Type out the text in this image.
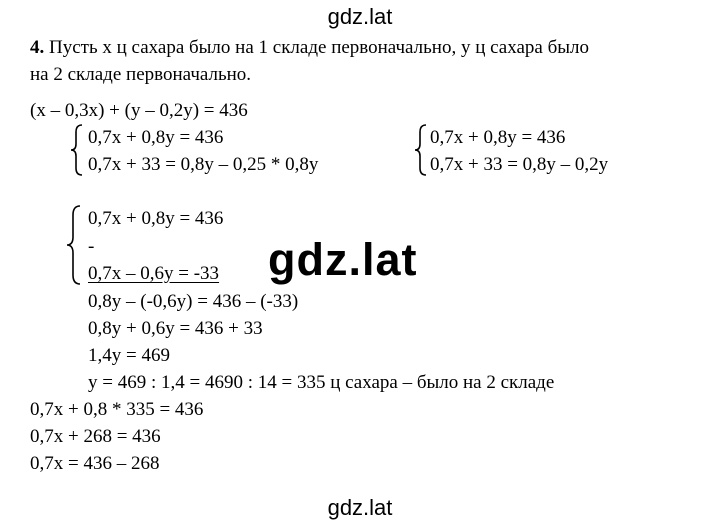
gdz.lat
4. Пусть х ц сахара было на 1 складе первоначально, у ц сахара было
на 2 складе первоначально.
(х – 0,3х) + (у – 0,2у) = 436
0,7х + 0,8у = 436
0,7х + 33 = 0,8у – 0,25 * 0,8у
0,7х + 0,8у = 436
0,7х + 33 = 0,8у – 0,2у
0,7х + 0,8у = 436
-
0,7х – 0,6у = -33 gdz.lat
0,8у – (-0,6у) = 436 – (-33)
0,8у + 0,6у = 436 + 33
1,4у = 469
у = 469 : 1,4 = 4690 : 14 = 335 ц сахара – было на 2 складе
0,7х + 0,8 * 335 = 436
0,7х + 268 = 436
0,7х = 436 – 268
gdz.lat
